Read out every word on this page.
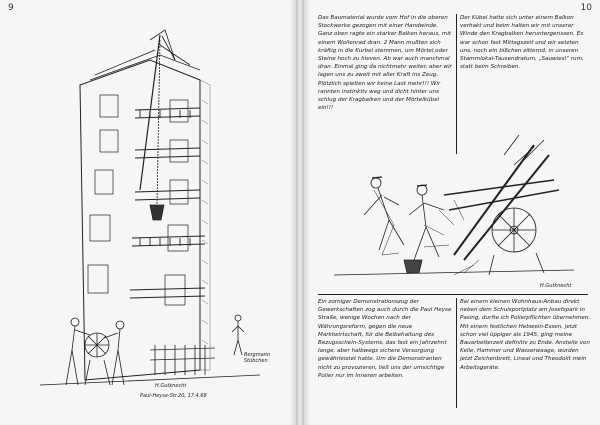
9
Bergmann Stübchen
H.Gutknecht
Paul-Heyse-Str.20, 17.4.68
10
Das Baumaterial wurde vom Hof in die oberen Stockwerke gezogen mit einer Handwinde. Ganz oben ragte ein starker Balken heraus, mit einem Wollenrad dran. 2 Mann mußten sich kräftig in die Kurbel stemmen, um Mörtel oder Steine hoch zu hieven. Ab war auch manchmal dran. Einmal ging da nichtmehr weiter, aber wir lagen uns zu zweit mit aller Kraft ins Zeug. Plötzlich spielten wir keine Last mehr!!! Wir rannten instinktiv weg und dicht hinter uns schlug der Kragbalken und der Mörtelkübel ein!!!
Der Kübel hatte sich unter einem Balkon verhakt und beim halten wir mit unserer Winde den Kragbalken heruntergerissen. Es war schon fast Mittagszeit und wir setzten uns, noch ein bißchen zitternd, in unseren Stammlokal-Tausendratum, „Sauwiesl“ rum, statt beim Schreiben.
H.Gutknecht
Ein zorniger Demonstrationszug der Gewerkschaften zog auch durch die Paul Heyse Straße, wenige Wochen nach der Währungsreform, gegen die neue Marktwirtschaft, für die Beibehaltung des Bezugsschein-Systems, das fast ein Jahrzehnt lange, aber halbwegs sichere Versorgung gewährleistet hatte. Um die Demonstranten nicht zu provozieren, ließ uns der umsichtige Polier nur im Inneren arbeiten.
Bei einem kleinen Wohnhaus-Anbau direkt neben dem Schulsportplatz am Josefspark in Pasing, durfte ich Polierpflichten übernehmen. Mit einem festlichen Hebwein-Essen, jetzt schon viel üppiger als 1945, ging meine Bauarbeiterzeit definitiv zu Ende. Anstelle von Kelle, Hammer und Wasserwaage, wurden jetzt Zeichenbrett, Lineal und Theodolit mein Arbeitsgeräte.
